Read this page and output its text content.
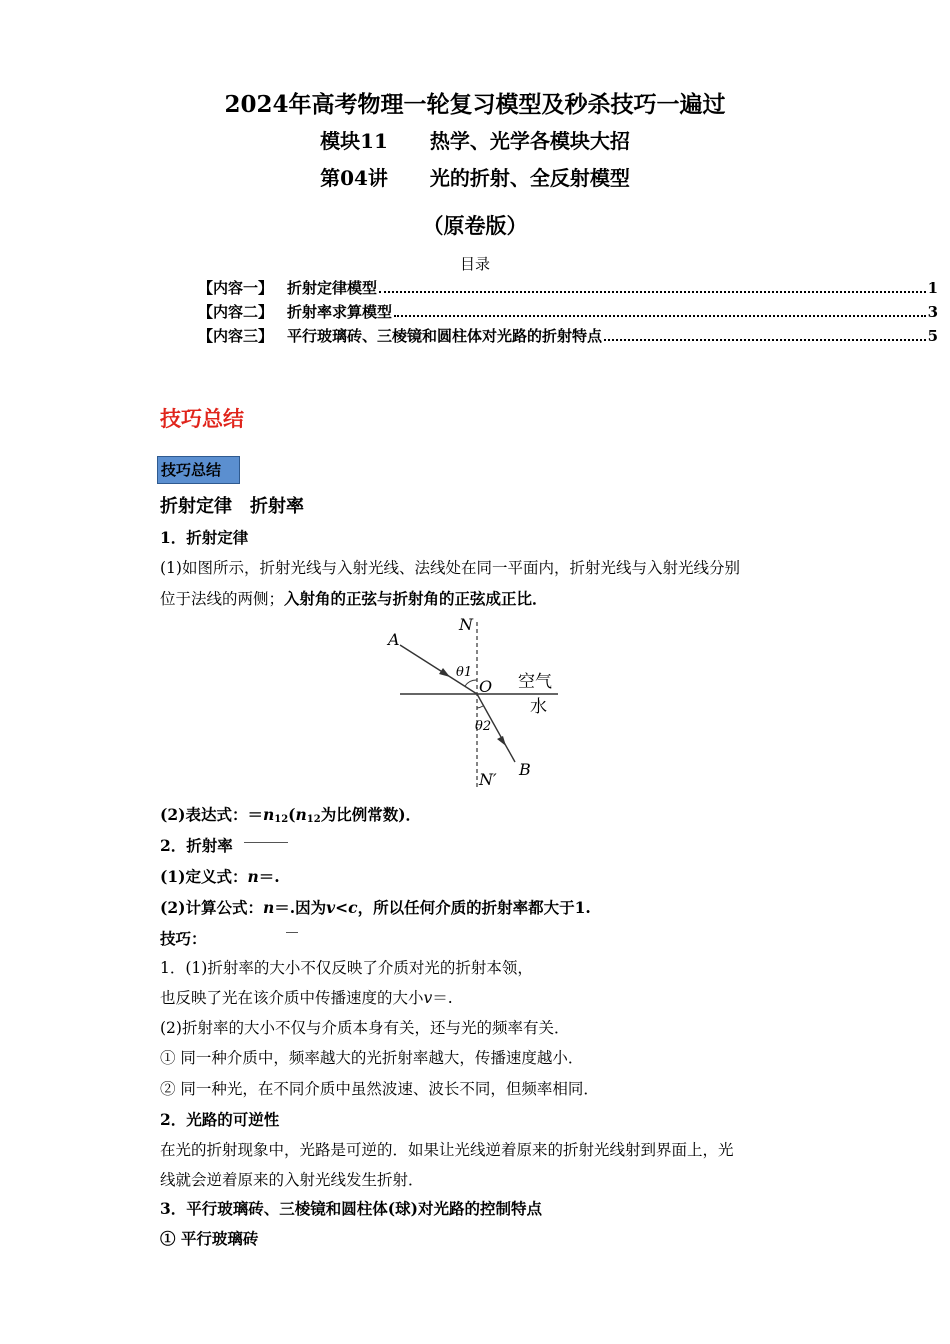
2024年高考物理一轮复习模型及秒杀技巧一遍过
模块11 热学、光学各模块大招
第04讲 光的折射、全反射模型
（原卷版）
目录
【内容一】 折射定律模型	1
【内容二】 折射率求算模型	3
【内容三】 平行玻璃砖、三棱镜和圆柱体对光路的折射特点	5
技巧总结
技巧总结
折射定律　折射率
1．折射定律
(1)如图所示，折射光线与入射光线、法线处在同一平面内，折射光线与入射光线分别
位于法线的两侧；入射角的正弦与折射角的正弦成正比．
A
N
θ1
O 空气
水
θ2
B
N′
(2)表达式：$=n_{12}(n_{12}$为比例常数)．
2．折射率
(1)定义式：n＝.
(2)计算公式：n＝.因为v<c，所以任何介质的折射率都大于1.
技巧：
1．(1)折射率的大小不仅反映了介质对光的折射本领，
也反映了光在该介质中传播速度的大小v＝.
(2)折射率的大小不仅与介质本身有关，还与光的频率有关．
① 同一种介质中，频率越大的光折射率越大，传播速度越小．
② 同一种光，在不同介质中虽然波速、波长不同，但频率相同．
2．光路的可逆性
在光的折射现象中，光路是可逆的．如果让光线逆着原来的折射光线射到界面上，光
线就会逆着原来的入射光线发生折射．
3．平行玻璃砖、三棱镜和圆柱体(球)对光路的控制特点
① 平行玻璃砖
